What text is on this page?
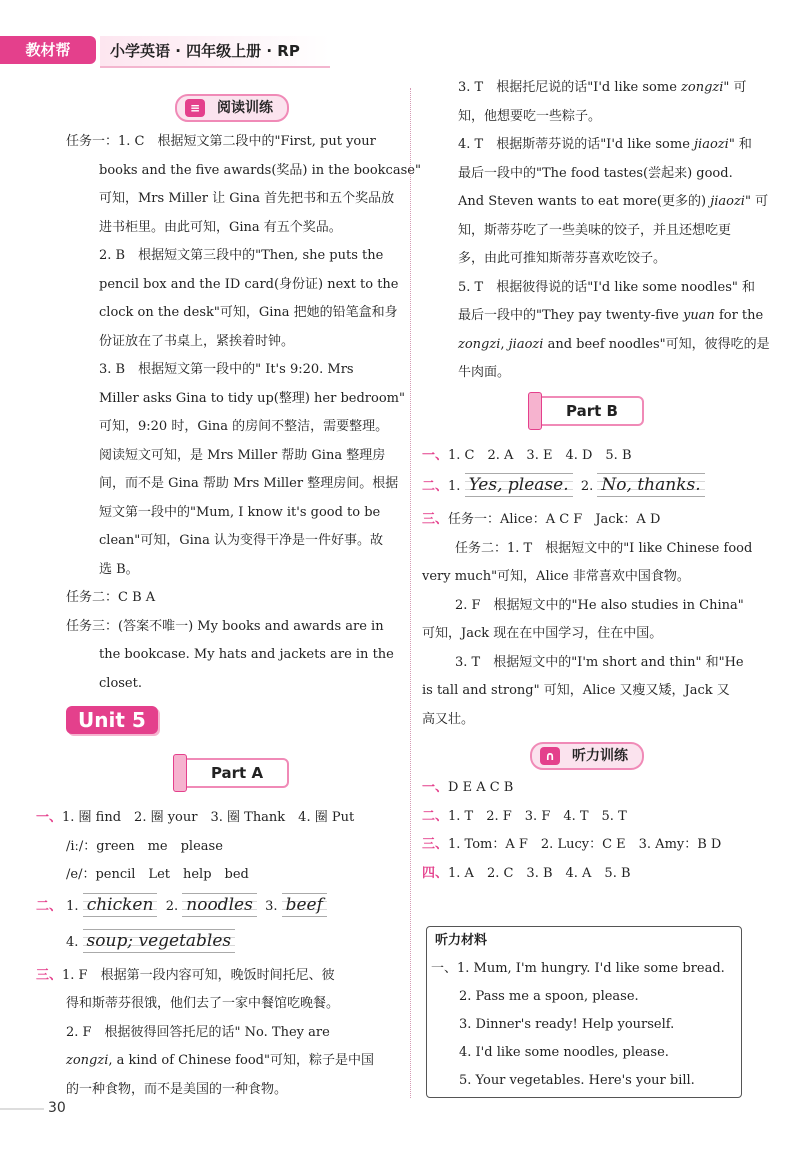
教材帮	小学英语 · 四年级上册 · RP
≡	阅读训练
任务一：1. C　根据短文第二段中的"First, put your
books and the five awards(奖品) in the bookcase"
可知，Mrs Miller 让 Gina 首先把书和五个奖品放
进书柜里。由此可知，Gina 有五个奖品。
2. B　根据短文第三段中的"Then, she puts the
pencil box and the ID card(身份证) next to the
clock on the desk"可知，Gina 把她的铅笔盒和身
份证放在了书桌上，紧挨着时钟。
3. B　根据短文第一段中的" It's 9:20. Mrs
Miller asks Gina to tidy up(整理) her bedroom"
可知，9:20 时，Gina 的房间不整洁，需要整理。
阅读短文可知，是 Mrs Miller 帮助 Gina 整理房
间，而不是 Gina 帮助 Mrs Miller 整理房间。根据
短文第一段中的"Mum, I know it's good to be
clean"可知，Gina 认为变得干净是一件好事。故
选 B。
任务二：C B A
任务三：(答案不唯一) My books and awards are in
the bookcase. My hats and jackets are in the
closet.
Unit 5
Part A
一、1. 圈 find　2. 圈 your　3. 圈 Thank　4. 圈 Put
/iː/：green　me　please
/e/：pencil　Let　help　bed
二、 1. chicken 2. noodles 3. beef
4. soup; vegetables
三、1. F　根据第一段内容可知，晚饭时间托尼、彼
得和斯蒂芬很饿，他们去了一家中餐馆吃晚餐。
2. F　根据彼得回答托尼的话" No. They are
zongzi, a kind of Chinese food"可知，粽子是中国
的一种食物，而不是美国的一种食物。
3. T　根据托尼说的话"I'd like some zongzi" 可
知，他想要吃一些粽子。
4. T　根据斯蒂芬说的话"I'd like some jiaozi" 和
最后一段中的"The food tastes(尝起来) good.
And Steven wants to eat more(更多的) jiaozi" 可
知，斯蒂芬吃了一些美味的饺子，并且还想吃更
多，由此可推知斯蒂芬喜欢吃饺子。
5. T　根据彼得说的话"I'd like some noodles" 和
最后一段中的"They pay twenty-five yuan for the
zongzi, jiaozi and beef noodles"可知，彼得吃的是
牛肉面。
Part B
一、1. C　2. A　3. E　4. D　5. B
二、1. Yes, please. 2. No, thanks.
三、任务一：Alice：A C F　Jack：A D
任务二：1. T　根据短文中的"I like Chinese food
very much"可知，Alice 非常喜欢中国食物。
2. F　根据短文中的"He also studies in China"
可知，Jack 现在在中国学习，住在中国。
3. T　根据短文中的"I'm short and thin" 和"He
is tall and strong" 可知，Alice 又瘦又矮，Jack 又
高又壮。
∩	听力训练
一、D E A C B
二、1. T　2. F　3. F　4. T　5. T
三、1. Tom：A F　2. Lucy：C E　3. Amy：B D
四、1. A　2. C　3. B　4. A　5. B
听力材料
一、1. Mum, I'm hungry. I'd like some bread.
2. Pass me a spoon, please.
3. Dinner's ready! Help yourself.
4. I'd like some noodles, please.
5. Your vegetables. Here's your bill.
30
